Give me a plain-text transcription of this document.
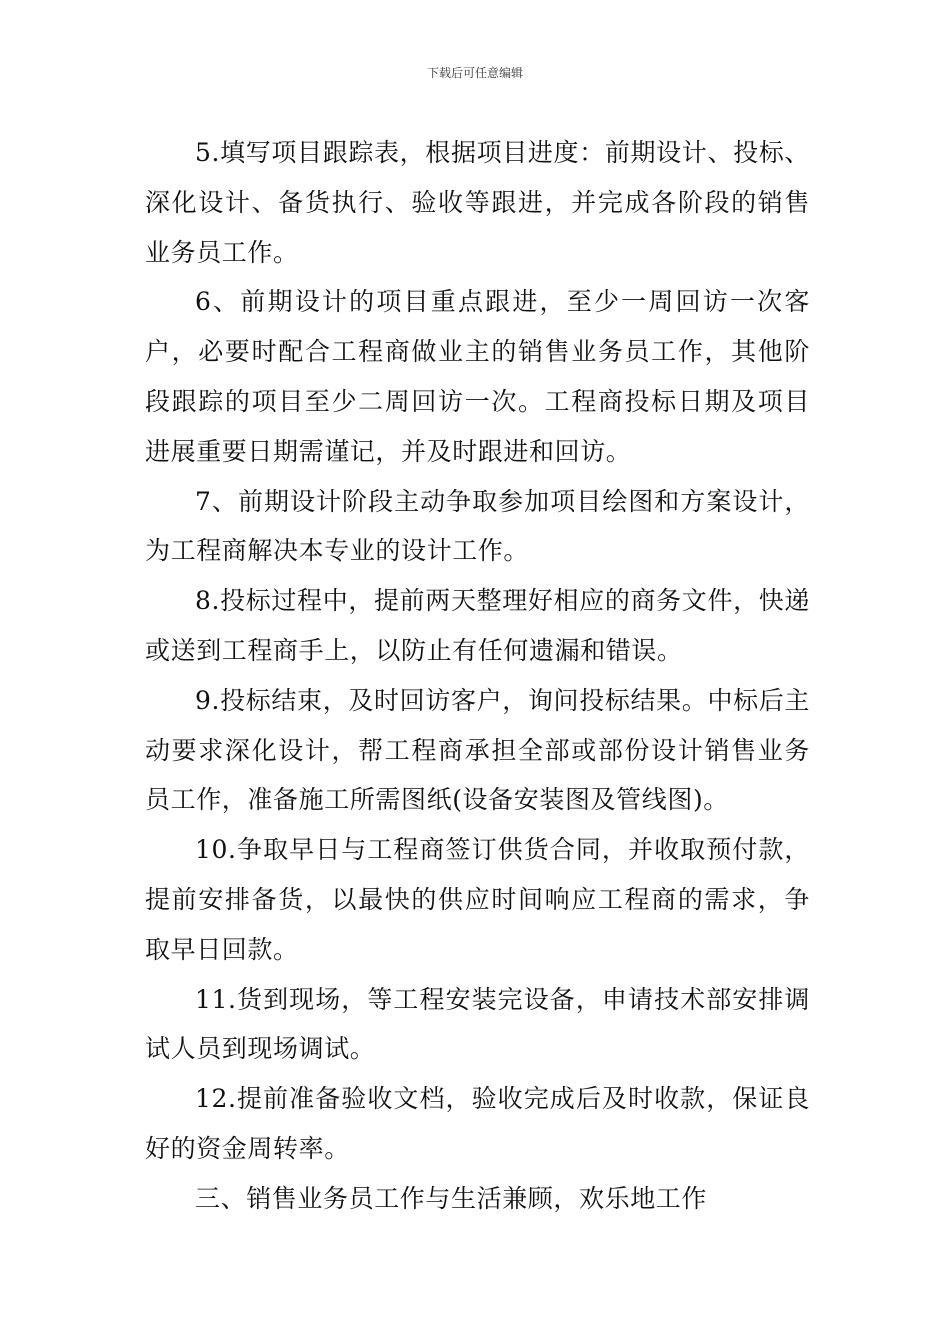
下载后可任意编辑

5.填写项目跟踪表，根据项目进度：前期设计、投标、深化设计、备货执行、验收等跟进，并完成各阶段的销售业务员工作。

6、前期设计的项目重点跟进，至少一周回访一次客户，必要时配合工程商做业主的销售业务员工作，其他阶段跟踪的项目至少二周回访一次。工程商投标日期及项目进展重要日期需谨记，并及时跟进和回访。

7、前期设计阶段主动争取参加项目绘图和方案设计，为工程商解决本专业的设计工作。

8.投标过程中，提前两天整理好相应的商务文件，快递或送到工程商手上，以防止有任何遗漏和错误。

9.投标结束，及时回访客户，询问投标结果。中标后主动要求深化设计，帮工程商承担全部或部份设计销售业务员工作，准备施工所需图纸(设备安装图及管线图)。

10.争取早日与工程商签订供货合同，并收取预付款，提前安排备货，以最快的供应时间响应工程商的需求，争取早日回款。

11.货到现场，等工程安装完设备，申请技术部安排调试人员到现场调试。

12.提前准备验收文档，验收完成后及时收款，保证良好的资金周转率。

三、销售业务员工作与生活兼顾，欢乐地工作
